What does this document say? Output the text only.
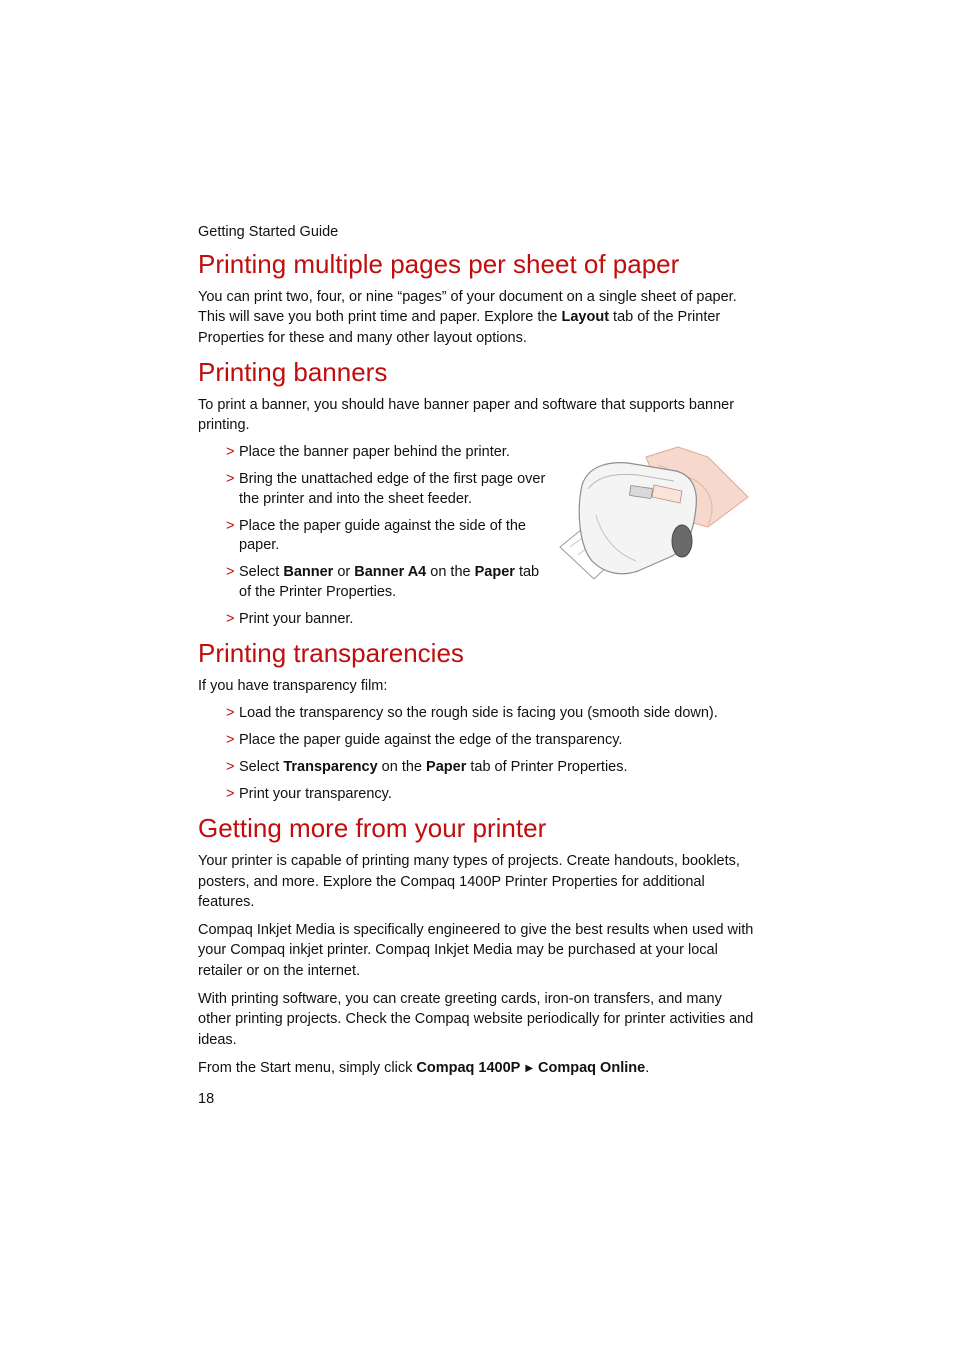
Getting Started Guide
Printing multiple pages per sheet of paper

You can print two, four, or nine “pages” of your document on a single sheet of paper. This will save you both print time and paper. Explore the Layout tab of the Printer Properties for these and many other layout options.

Printing banners

To print a banner, you should have banner paper and software that supports banner printing.

> Place the banner paper behind the printer.
> Bring the unattached edge of the first page over the printer and into the sheet feeder.
> Place the paper guide against the side of the paper.
> Select Banner or Banner A4 on the Paper tab of the Printer Properties.
> Print your banner.
Printing transparencies

If you have transparency film:

> Load the transparency so the rough side is facing you (smooth side down).
> Place the paper guide against the edge of the transparency.
> Select Transparency on the Paper tab of Printer Properties.
> Print your transparency.
Getting more from your printer

Your printer is capable of printing many types of projects. Create handouts, booklets, posters, and more. Explore the Compaq 1400P Printer Properties for additional features.

Compaq Inkjet Media is specifically engineered to give the best results when used with your Compaq inkjet printer. Compaq Inkjet Media may be purchased at your local retailer or on the internet.

With printing software, you can create greeting cards, iron-on transfers, and many other printing projects. Check the Compaq website periodically for printer activities and ideas.

From the Start menu, simply click Compaq 1400P ▶ Compaq Online.

18
